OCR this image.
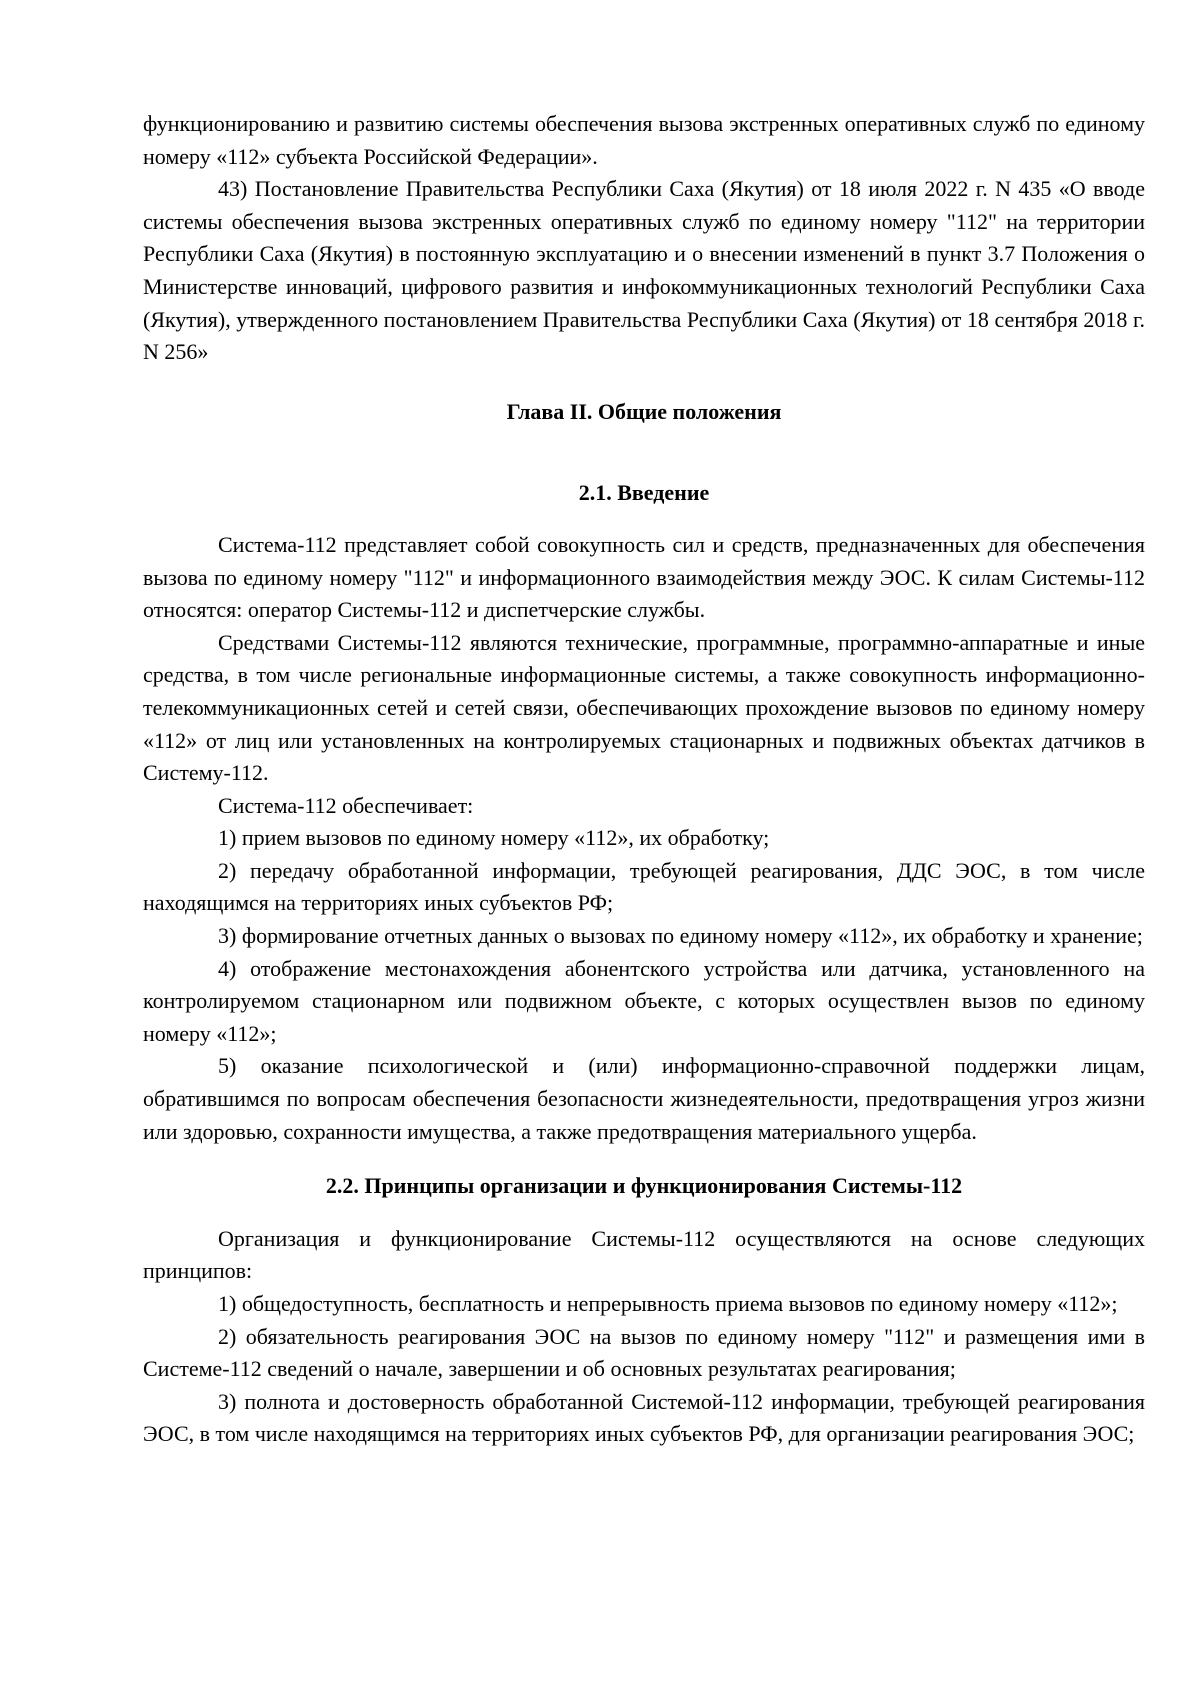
функционированию и развитию системы обеспечения вызова экстренных оперативных служб по единому номеру «112» субъекта Российской Федерации».

43) Постановление Правительства Республики Саха (Якутия) от 18 июля 2022 г. N 435 «О вводе системы обеспечения вызова экстренных оперативных служб по единому номеру "112" на территории Республики Саха (Якутия) в постоянную эксплуатацию и о внесении изменений в пункт 3.7 Положения о Министерстве инноваций, цифрового развития и инфокоммуникационных технологий Республики Саха (Якутия), утвержденного постановлением Правительства Республики Саха (Якутия) от 18 сентября 2018 г. N 256»

Глава II. Общие положения

2.1. Введение

Система-112 представляет собой совокупность сил и средств, предназначенных для обеспечения вызова по единому номеру "112" и информационного взаимодействия между ЭОС. К силам Системы-112 относятся: оператор Системы-112 и диспетчерские службы.

Средствами Системы-112 являются технические, программные, программно-аппаратные и иные средства, в том числе региональные информационные системы, а также совокупность информационно-телекоммуникационных сетей и сетей связи, обеспечивающих прохождение вызовов по единому номеру «112» от лиц или установленных на контролируемых стационарных и подвижных объектах датчиков в Систему-112.

Система-112 обеспечивает:

1) прием вызовов по единому номеру «112», их обработку;

2) передачу обработанной информации, требующей реагирования, ДДС ЭОС, в том числе находящимся на территориях иных субъектов РФ;

3) формирование отчетных данных о вызовах по единому номеру «112», их обработку и хранение;

4) отображение местонахождения абонентского устройства или датчика, установленного на контролируемом стационарном или подвижном объекте, с которых осуществлен вызов по единому номеру «112»;

5) оказание психологической и (или) информационно-справочной поддержки лицам, обратившимся по вопросам обеспечения безопасности жизнедеятельности, предотвращения угроз жизни или здоровью, сохранности имущества, а также предотвращения материального ущерба.

2.2. Принципы организации и функционирования Системы-112

Организация и функционирование Системы-112 осуществляются на основе следующих принципов:

1) общедоступность, бесплатность и непрерывность приема вызовов по единому номеру «112»;

2) обязательность реагирования ЭОС на вызов по единому номеру "112" и размещения ими в Системе-112 сведений о начале, завершении и об основных результатах реагирования;

3) полнота и достоверность обработанной Системой-112 информации, требующей реагирования ЭОС, в том числе находящимся на территориях иных субъектов РФ, для организации реагирования ЭОС;
